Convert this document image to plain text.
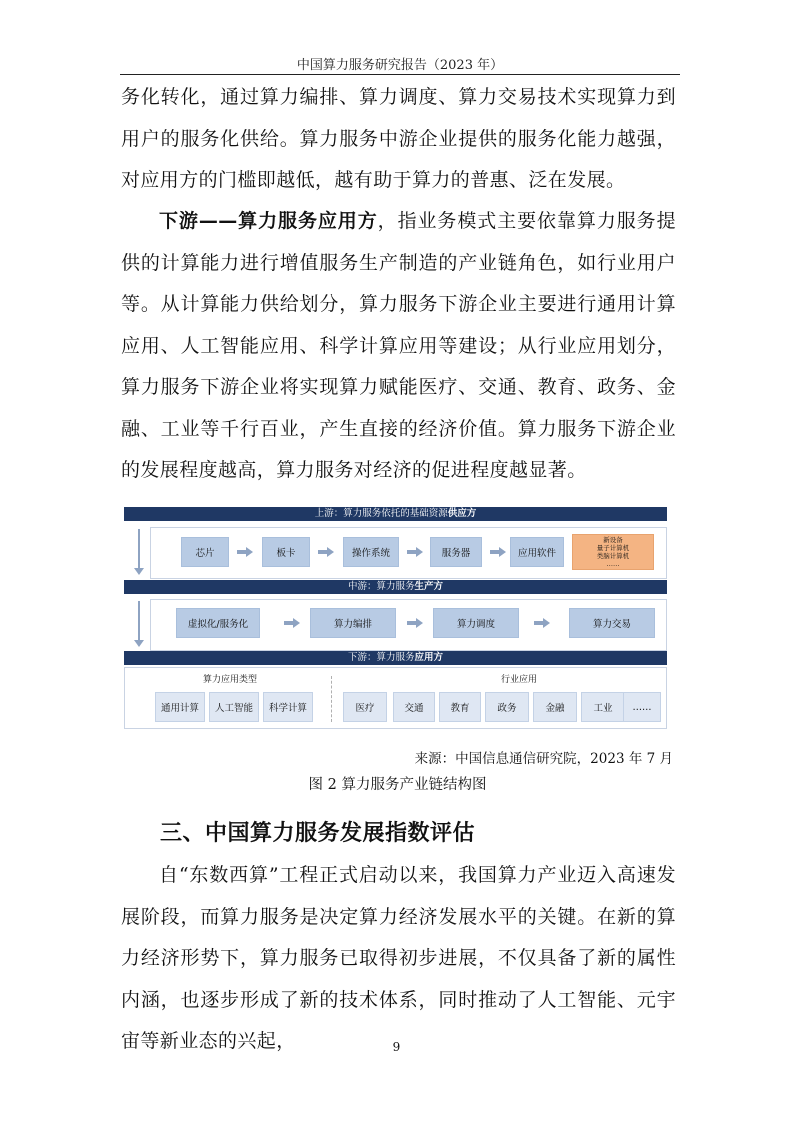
中国算力服务研究报告（2023 年）

务化转化，通过算力编排、算力调度、算力交易技术实现算力到用户的服务化供给。算力服务中游企业提供的服务化能力越强，对应用方的门槛即越低，越有助于算力的普惠、泛在发展。

下游——算力服务应用方，指业务模式主要依靠算力服务提供的计算能力进行增值服务生产制造的产业链角色，如行业用户等。从计算能力供给划分，算力服务下游企业主要进行通用计算应用、人工智能应用、科学计算应用等建设；从行业应用划分，算力服务下游企业将实现算力赋能医疗、交通、教育、政务、金融、工业等千行百业，产生直接的经济价值。算力服务下游企业的发展程度越高，算力服务对经济的促进程度越显著。

上游：算力服务依托的基础资源供应方
芯片	板卡	操作系统	服务器	应用软件
新设备
量子计算机
类脑计算机
……
中游：算力服务生产方
虚拟化/服务化	算力编排	算力调度	算力交易
下游：算力服务应用方
算力应用类型
通用计算	人工智能	科学计算
行业应用
医疗	交通	教育	政务	金融	工业	……
来源：中国信息通信研究院，2023 年 7 月
图 2 算力服务产业链结构图
三、中国算力服务发展指数评估

自“东数西算”工程正式启动以来，我国算力产业迈入高速发展阶段，而算力服务是决定算力经济发展水平的关键。在新的算力经济形势下，算力服务已取得初步进展，不仅具备了新的属性内涵，也逐步形成了新的技术体系，同时推动了人工智能、元宇宙等新业态的兴起，	9
